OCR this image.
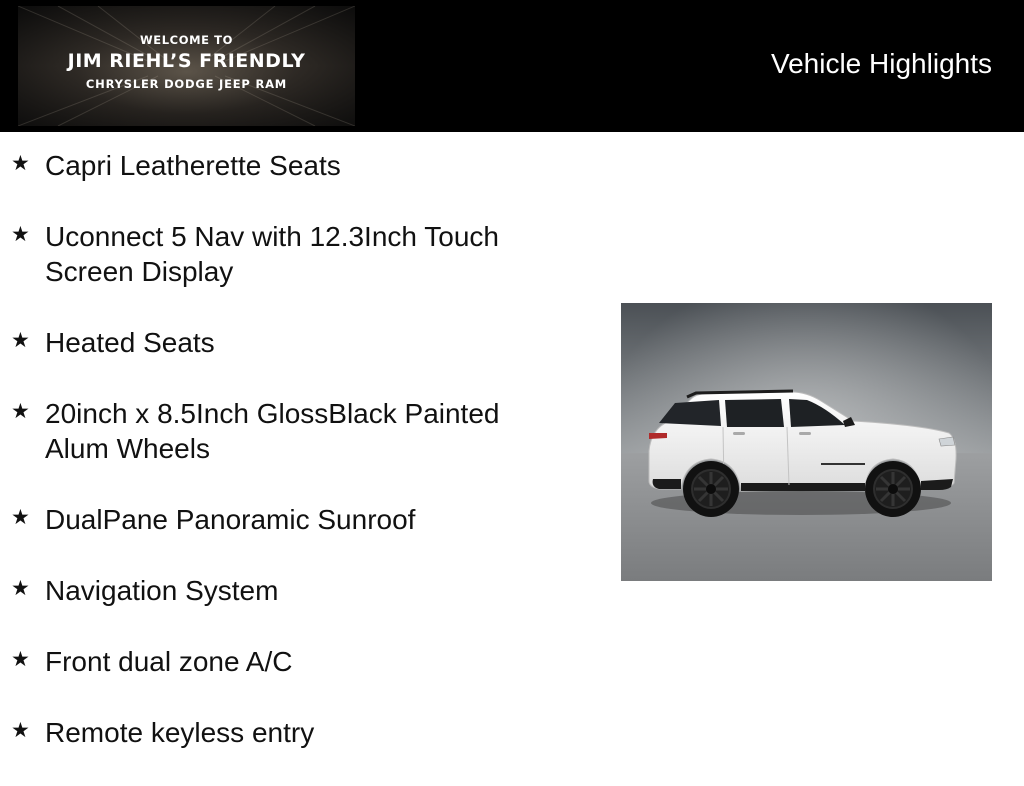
WELCOME TO
JIM RIEHL’S FRIENDLY
CHRYSLER DODGE JEEP RAM
Vehicle Highlights
★ Capri Leatherette Seats
★ Uconnect 5 Nav with 12.3Inch Touch Screen Display
★ Heated Seats
★ 20inch x 8.5Inch GlossBlack Painted Alum Wheels
★ DualPane Panoramic Sunroof
★ Navigation System
★ Front dual zone A/C
★ Remote keyless entry
